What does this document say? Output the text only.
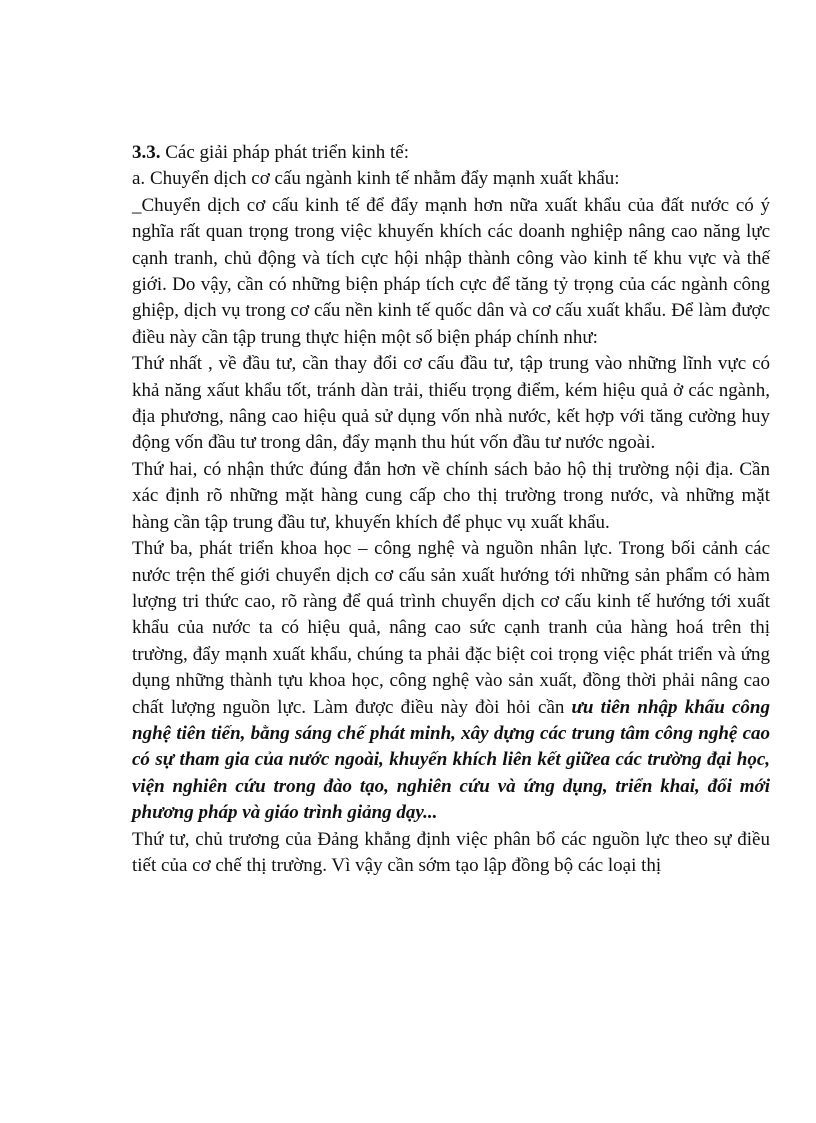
3.3. Các giải pháp phát triển kinh tế:
a. Chuyển dịch cơ cấu ngành kinh tế nhằm đẩy mạnh xuất khẩu:

_Chuyển dịch cơ cấu kinh tế để đẩy mạnh hơn nữa xuất khẩu của đất nước có ý nghĩa rất quan trọng trong việc khuyến khích các doanh nghiệp nâng cao năng lực cạnh tranh, chủ động và tích cực hội nhập thành công vào kinh tế khu vực và thế giới. Do vậy, cần có những biện pháp tích cực để tăng tỷ trọng của các ngành công ghiệp, dịch vụ trong cơ cấu nền kinh tế quốc dân và cơ cấu xuất khẩu. Để làm được điều này cần tập trung thực hiện một số biện pháp chính như:

Thứ nhất , về đầu tư, cần thay đổi cơ cấu đầu tư, tập trung vào những lĩnh vực có khả năng xấut khẩu tốt, tránh dàn trải, thiếu trọng điểm, kém hiệu quả ở các ngành, địa phương, nâng cao hiệu quả sử dụng vốn nhà nước, kết hợp với tăng cường huy động vốn đầu tư trong dân, đẩy mạnh thu hút vốn đầu tư nước ngoài.

Thứ hai, có nhận thức đúng đắn hơn về chính sách bảo hộ thị trường nội địa. Cần xác định rõ những mặt hàng cung cấp cho thị trường trong nước, và những mặt hàng cần tập trung đầu tư, khuyến khích để phục vụ xuất khẩu.

Thứ ba, phát triển khoa học – công nghệ và nguồn nhân lực. Trong bối cảnh các nước trện thế giới chuyển dịch cơ cấu sản xuất hướng tới những sản phẩm có hàm lượng tri thức cao, rõ ràng để quá trình chuyển dịch cơ cấu kinh tế hướng tới xuất khẩu của nước ta có hiệu quả, nâng cao sức cạnh tranh của hàng hoá trên thị trường, đẩy mạnh xuất khẩu, chúng ta phải đặc biệt coi trọng việc phát triển và ứng dụng những thành tựu khoa học, công nghệ vào sản xuất, đồng thời phải nâng cao chất lượng nguồn lực. Làm được điều này đòi hỏi cần ưu tiên nhập khẩu công nghệ tiên tiến, bằng sáng chế phát minh, xây dựng các trung tâm công nghệ cao có sự tham gia của nước ngoài, khuyến khích liên kết giữea các trường đại học, viện nghiên cứu trong đào tạo, nghiên cứu và ứng dụng, triển khai, đổi mới phương pháp và giáo trình giảng dạy...

Thứ tư, chủ trương của Đảng khẳng định việc phân bổ các nguồn lực theo sự điều tiết của cơ chế thị trường. Vì vậy cần sớm tạo lập đồng bộ các loại thị
